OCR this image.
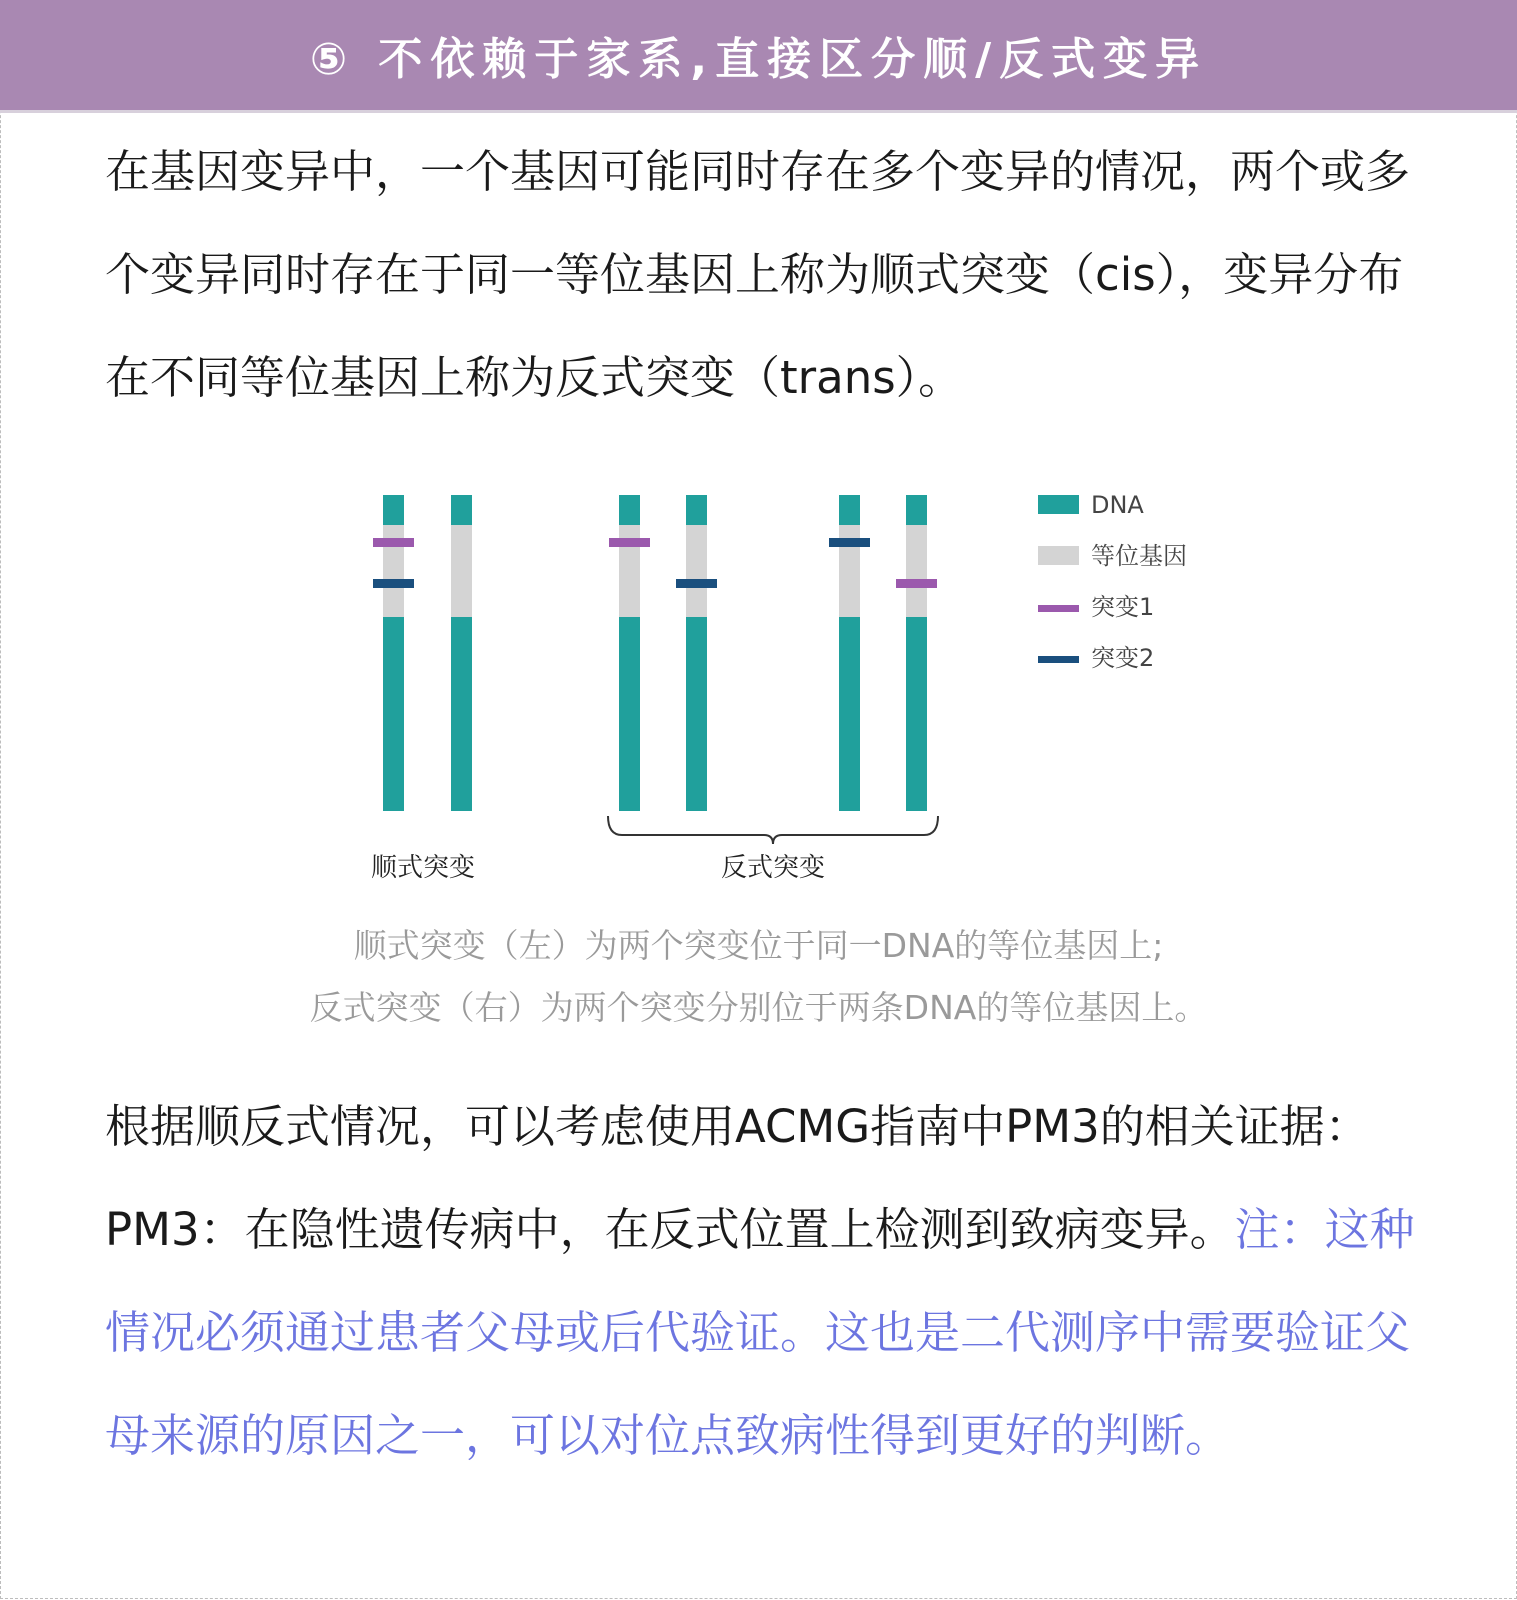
⑤ 不依赖于家系,直接区分顺/反式变异

在基因变异中，一个基因可能同时存在多个变异的情况，两个或多个变异同时存在于同一等位基因上称为顺式突变（cis），变异分布在不同等位基因上称为反式突变（trans）。

顺式突变	反式突变
DNA
等位基因
突变1
突变2
顺式突变（左）为两个突变位于同一DNA的等位基因上;
反式突变（右）为两个突变分别位于两条DNA的等位基因上。

根据顺反式情况，可以考虑使用ACMG指南中PM3的相关证据：PM3：在隐性遗传病中，在反式位置上检测到致病变异。注：这种情况必须通过患者父母或后代验证。这也是二代测序中需要验证父母来源的原因之一，可以对位点致病性得到更好的判断。
